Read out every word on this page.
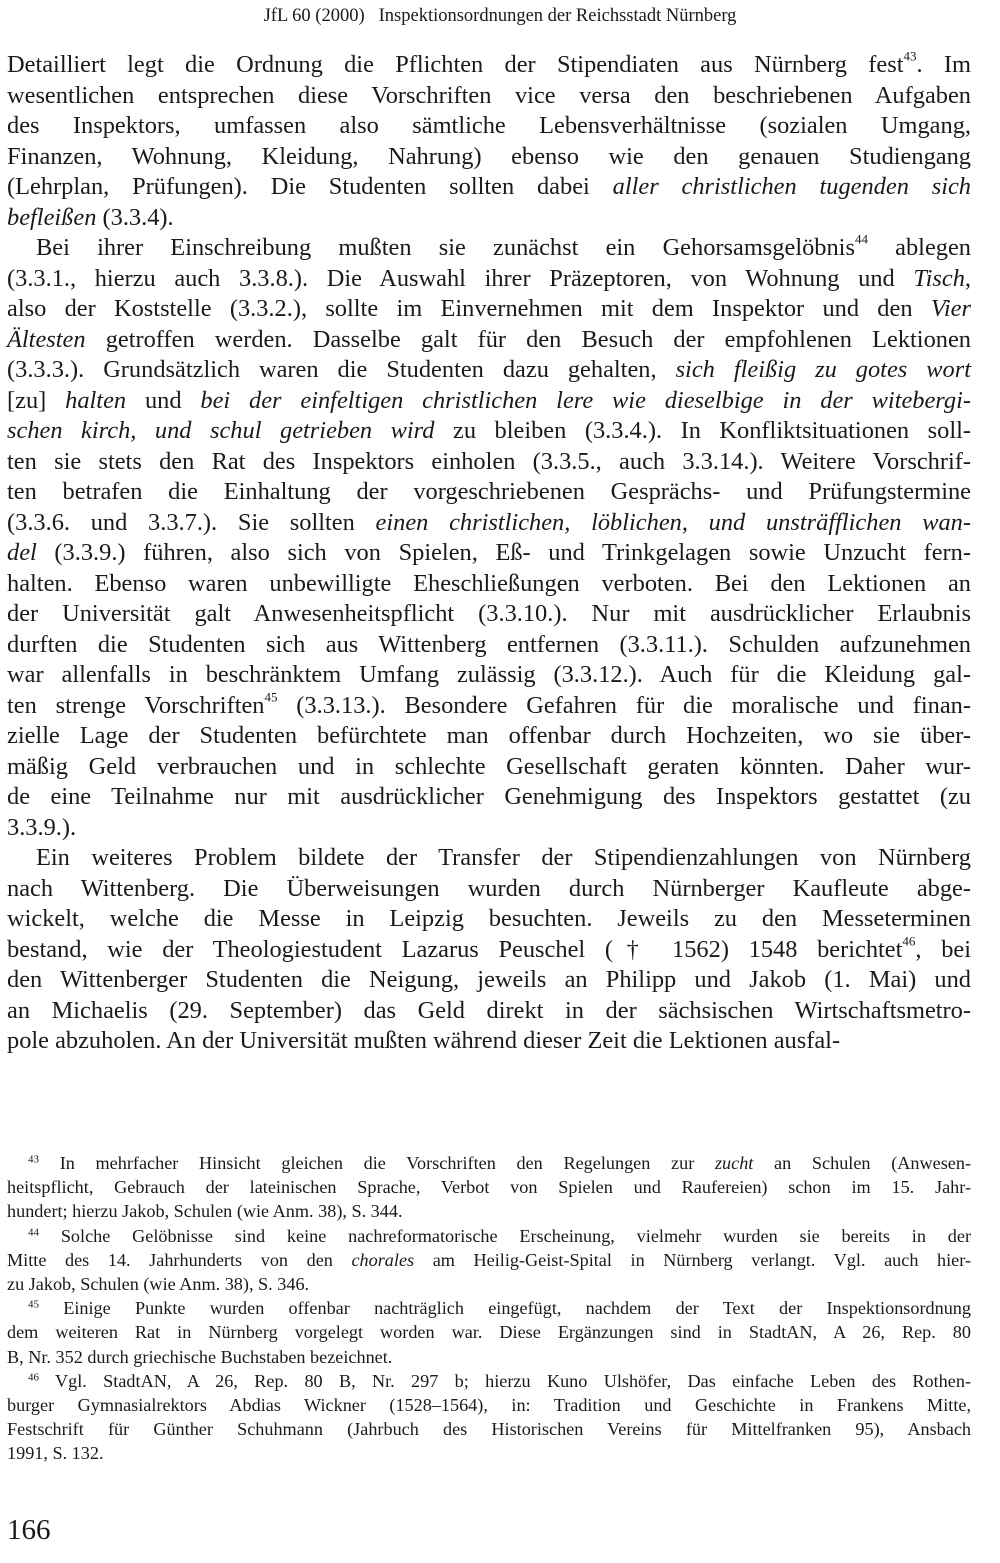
JfL 60 (2000) Inspektionsordnungen der Reichsstadt Nürnberg
Detailliert legt die Ordnung die Pflichten der Stipendiaten aus Nürnberg fest$^{43}$. Im
wesentlichen entsprechen diese Vorschriften vice versa den beschriebenen Aufgaben
des Inspektors, umfassen also sämtliche Lebensverhältnisse (sozialen Umgang,
Finanzen, Wohnung, Kleidung, Nahrung) ebenso wie den genauen Studiengang
(Lehrplan, Prüfungen). Die Studenten sollten dabei aller christlichen tugenden sich
befleißen (3.3.4).
Bei ihrer Einschreibung mußten sie zunächst ein Gehorsamsgelöbnis$^{44}$ ablegen
(3.3.1., hierzu auch 3.3.8.). Die Auswahl ihrer Präzeptoren, von Wohnung und Tisch,
also der Koststelle (3.3.2.), sollte im Einvernehmen mit dem Inspektor und den Vier
Ältesten getroffen werden. Dasselbe galt für den Besuch der empfohlenen Lektionen
(3.3.3.). Grundsätzlich waren die Studenten dazu gehalten, sich fleißig zu gotes wort
[zu] halten und bei der einfeltigen christlichen lere wie dieselbige in der witebergi-
schen kirch, und schul getrieben wird zu bleiben (3.3.4.). In Konfliktsituationen soll-
ten sie stets den Rat des Inspektors einholen (3.3.5., auch 3.3.14.). Weitere Vorschrif-
ten betrafen die Einhaltung der vorgeschriebenen Gesprächs- und Prüfungstermine
(3.3.6. und 3.3.7.). Sie sollten einen christlichen, löblichen, und unsträfflichen wan-
del (3.3.9.) führen, also sich von Spielen, Eß- und Trinkgelagen sowie Unzucht fern-
halten. Ebenso waren unbewilligte Eheschließungen verboten. Bei den Lektionen an
der Universität galt Anwesenheitspflicht (3.3.10.). Nur mit ausdrücklicher Erlaubnis
durften die Studenten sich aus Wittenberg entfernen (3.3.11.). Schulden aufzunehmen
war allenfalls in beschränktem Umfang zulässig (3.3.12.). Auch für die Kleidung gal-
ten strenge Vorschriften$^{45}$ (3.3.13.). Besondere Gefahren für die moralische und finan-
zielle Lage der Studenten befürchtete man offenbar durch Hochzeiten, wo sie über-
mäßig Geld verbrauchen und in schlechte Gesellschaft geraten könnten. Daher wur-
de eine Teilnahme nur mit ausdrücklicher Genehmigung des Inspektors gestattet (zu
3.3.9.).
Ein weiteres Problem bildete der Transfer der Stipendienzahlungen von Nürnberg
nach Wittenberg. Die Überweisungen wurden durch Nürnberger Kaufleute abge-
wickelt, welche die Messe in Leipzig besuchten. Jeweils zu den Messeterminen
bestand, wie der Theologiestudent Lazarus Peuschel († 1562) 1548 berichtet$^{46}$, bei
den Wittenberger Studenten die Neigung, jeweils an Philipp und Jakob (1. Mai) und
an Michaelis (29. September) das Geld direkt in der sächsischen Wirtschaftsmetro-
pole abzuholen. An der Universität mußten während dieser Zeit die Lektionen ausfal-
$^{43}$ In mehrfacher Hinsicht gleichen die Vorschriften den Regelungen zur zucht an Schulen (Anwesen-
heitspflicht, Gebrauch der lateinischen Sprache, Verbot von Spielen und Raufereien) schon im 15. Jahr-
hundert; hierzu Jakob, Schulen (wie Anm. 38), S. 344.
$^{44}$ Solche Gelöbnisse sind keine nachreformatorische Erscheinung, vielmehr wurden sie bereits in der
Mitte des 14. Jahrhunderts von den chorales am Heilig-Geist-Spital in Nürnberg verlangt. Vgl. auch hier-
zu Jakob, Schulen (wie Anm. 38), S. 346.
$^{45}$ Einige Punkte wurden offenbar nachträglich eingefügt, nachdem der Text der Inspektionsordnung
dem weiteren Rat in Nürnberg vorgelegt worden war. Diese Ergänzungen sind in StadtAN, A 26, Rep. 80
B, Nr. 352 durch griechische Buchstaben bezeichnet.
$^{46}$ Vgl. StadtAN, A 26, Rep. 80 B, Nr. 297 b; hierzu Kuno Ulshöfer, Das einfache Leben des Rothen-
burger Gymnasialrektors Abdias Wickner (1528–1564), in: Tradition und Geschichte in Frankens Mitte,
Festschrift für Günther Schuhmann (Jahrbuch des Historischen Vereins für Mittelfranken 95), Ansbach
1991, S. 132.
166
